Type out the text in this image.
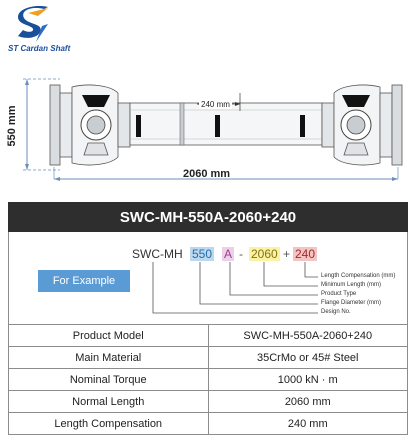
ST Cardan Shaft
550 mm
240 mm
2060 mm
SWC-MH-550A-2060+240
For Example
SWC-MH 550 A - 2060 + 240
Length Compensation (mm)
Minimum Length (mm)
Product Type
Flange Diameter (mm)
Design No.
Product Model	SWC-MH-550A-2060+240
Main Material	35CrMo or 45# Steel
Nominal Torque	1000 kN · m
Normal Length	2060 mm
Length Compensation	240 mm
